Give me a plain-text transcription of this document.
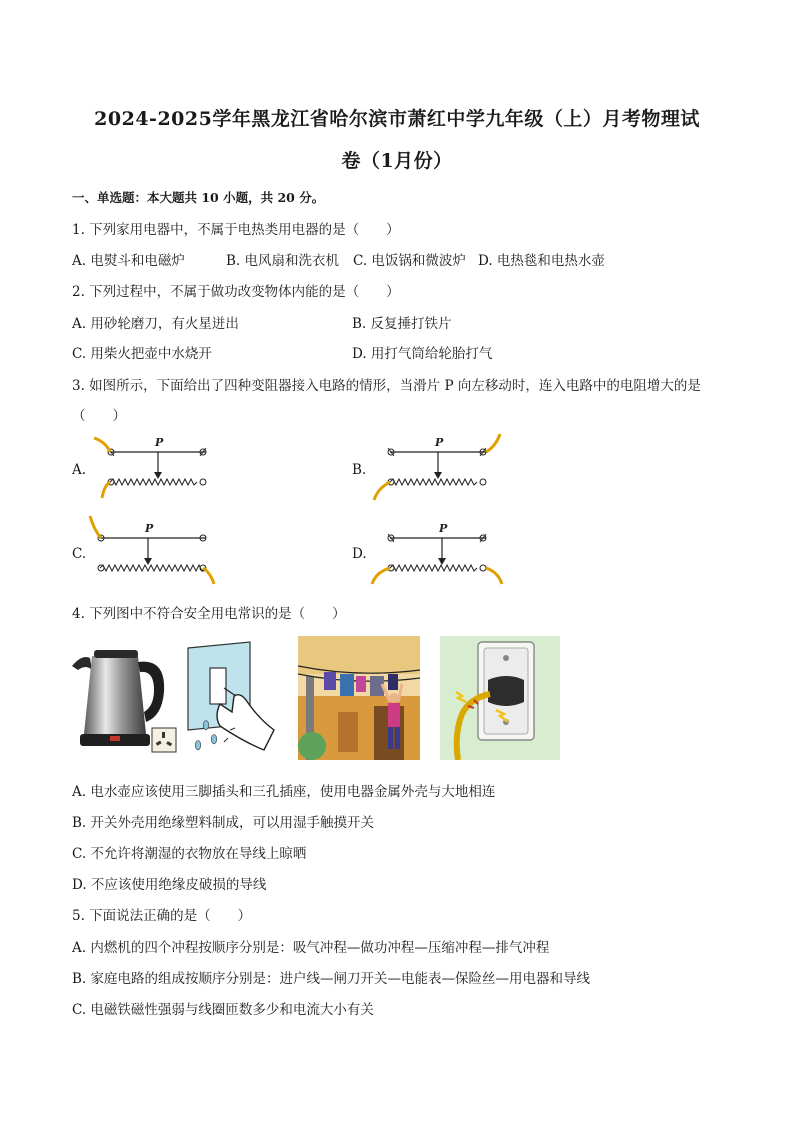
2024-2025学年黑龙江省哈尔滨市萧红中学九年级（上）月考物理试
卷（1月份）
一、单选题：本大题共 10 小题，共 20 分。
1. 下列家用电器中，不属于电热类用电器的是（　　）
A. 电熨斗和电磁炉	B. 电风扇和洗衣机 C. 电饭锅和微波炉 D. 电热毯和电热水壶
2. 下列过程中，不属于做功改变物体内能的是（　　）
A. 用砂轮磨刀，有火星迸出	B. 反复捶打铁片
C. 用柴火把壶中水烧开	D. 用打气筒给轮胎打气
3. 如图所示，下面给出了四种变阻器接入电路的情形，当滑片 P 向左移动时，连入电路中的电阻增大的是
（　　）
A.	B.
C.	D.
P	P
P	P
4. 下列图中不符合安全用电常识的是（　　）
A. 电水壶应该使用三脚插头和三孔插座，使用电器金属外壳与大地相连
B. 开关外壳用绝缘塑料制成，可以用湿手触摸开关
C. 不允许将潮湿的衣物放在导线上晾晒
D. 不应该使用绝缘皮破损的导线
5. 下面说法正确的是（　　）
A. 内燃机的四个冲程按顺序分别是：吸气冲程—做功冲程—压缩冲程—排气冲程
B. 家庭电路的组成按顺序分别是：进户线—闸刀开关—电能表—保险丝—用电器和导线
C. 电磁铁磁性强弱与线圈匝数多少和电流大小有关
